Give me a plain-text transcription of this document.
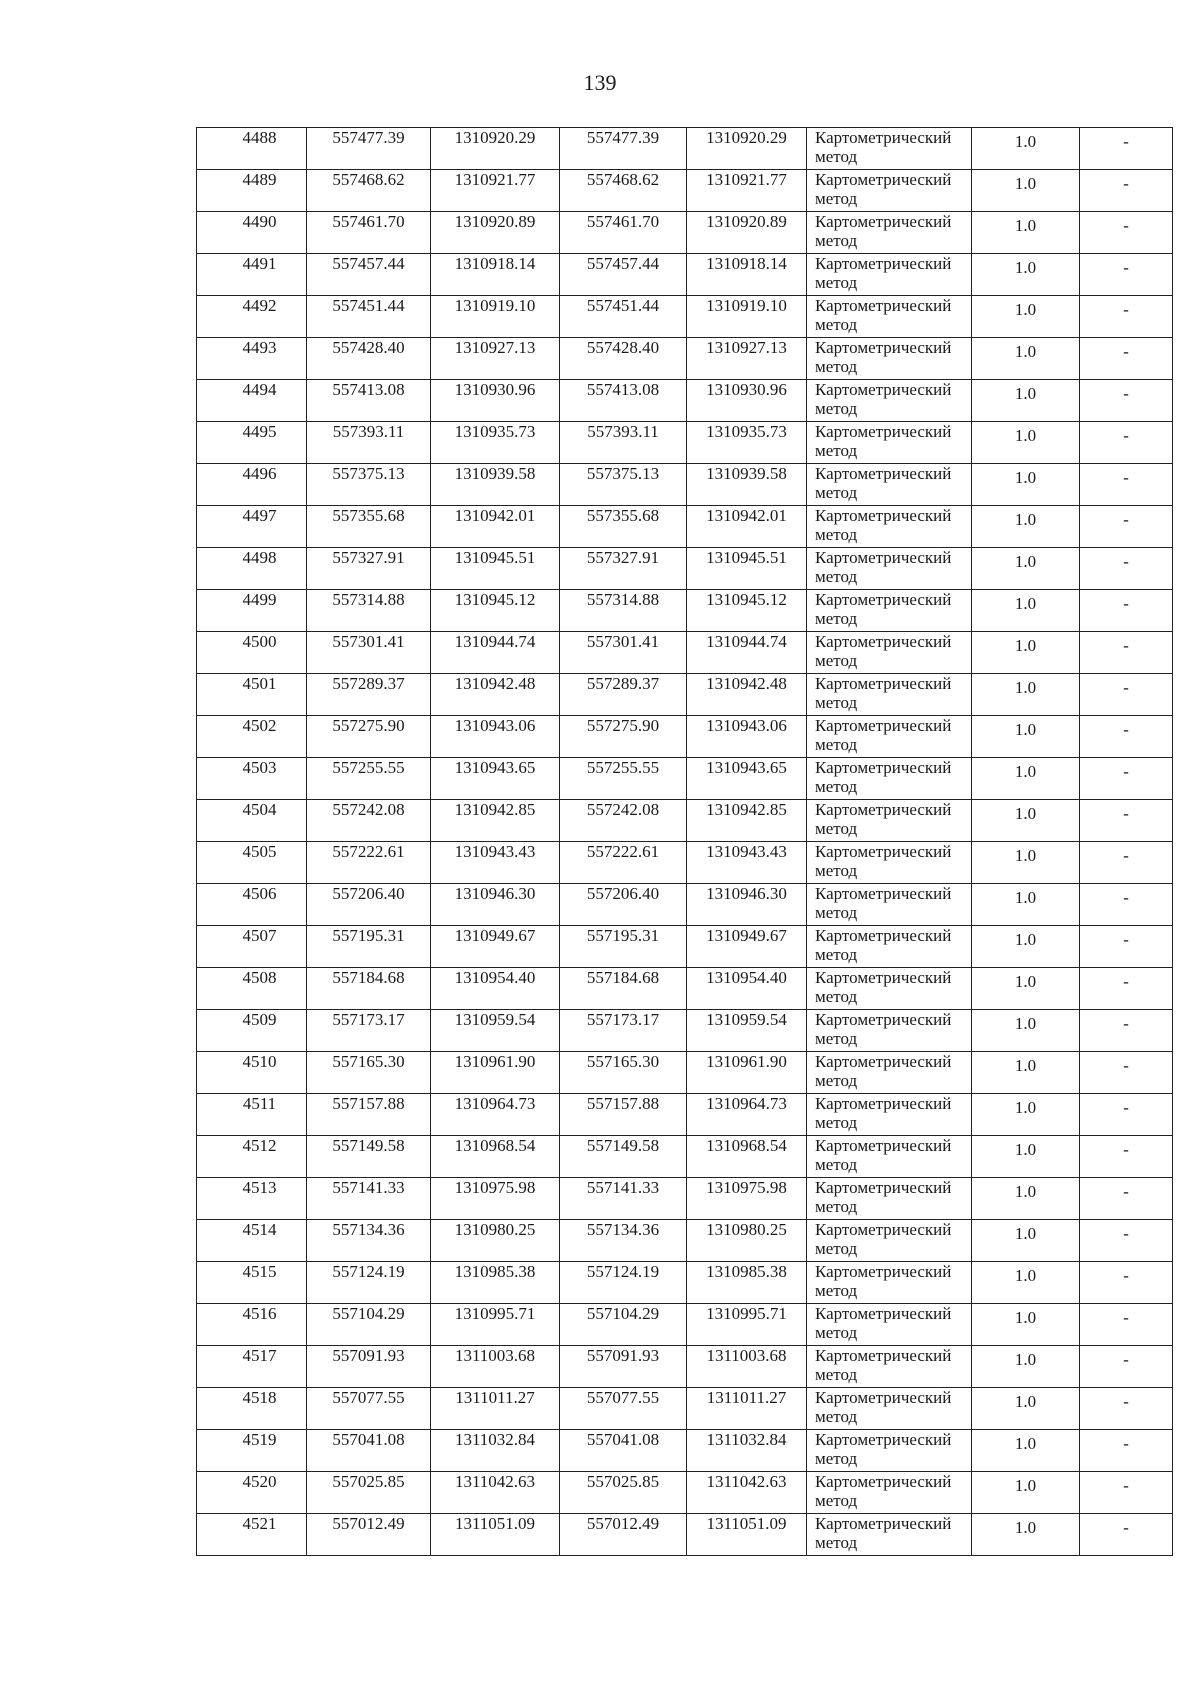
139
4488	557477.39	1310920.29	557477.39	1310920.29	Картометрический метод	1.0	-
4489	557468.62	1310921.77	557468.62	1310921.77	Картометрический метод	1.0	-
4490	557461.70	1310920.89	557461.70	1310920.89	Картометрический метод	1.0	-
4491	557457.44	1310918.14	557457.44	1310918.14	Картометрический метод	1.0	-
4492	557451.44	1310919.10	557451.44	1310919.10	Картометрический метод	1.0	-
4493	557428.40	1310927.13	557428.40	1310927.13	Картометрический метод	1.0	-
4494	557413.08	1310930.96	557413.08	1310930.96	Картометрический метод	1.0	-
4495	557393.11	1310935.73	557393.11	1310935.73	Картометрический метод	1.0	-
4496	557375.13	1310939.58	557375.13	1310939.58	Картометрический метод	1.0	-
4497	557355.68	1310942.01	557355.68	1310942.01	Картометрический метод	1.0	-
4498	557327.91	1310945.51	557327.91	1310945.51	Картометрический метод	1.0	-
4499	557314.88	1310945.12	557314.88	1310945.12	Картометрический метод	1.0	-
4500	557301.41	1310944.74	557301.41	1310944.74	Картометрический метод	1.0	-
4501	557289.37	1310942.48	557289.37	1310942.48	Картометрический метод	1.0	-
4502	557275.90	1310943.06	557275.90	1310943.06	Картометрический метод	1.0	-
4503	557255.55	1310943.65	557255.55	1310943.65	Картометрический метод	1.0	-
4504	557242.08	1310942.85	557242.08	1310942.85	Картометрический метод	1.0	-
4505	557222.61	1310943.43	557222.61	1310943.43	Картометрический метод	1.0	-
4506	557206.40	1310946.30	557206.40	1310946.30	Картометрический метод	1.0	-
4507	557195.31	1310949.67	557195.31	1310949.67	Картометрический метод	1.0	-
4508	557184.68	1310954.40	557184.68	1310954.40	Картометрический метод	1.0	-
4509	557173.17	1310959.54	557173.17	1310959.54	Картометрический метод	1.0	-
4510	557165.30	1310961.90	557165.30	1310961.90	Картометрический метод	1.0	-
4511	557157.88	1310964.73	557157.88	1310964.73	Картометрический метод	1.0	-
4512	557149.58	1310968.54	557149.58	1310968.54	Картометрический метод	1.0	-
4513	557141.33	1310975.98	557141.33	1310975.98	Картометрический метод	1.0	-
4514	557134.36	1310980.25	557134.36	1310980.25	Картометрический метод	1.0	-
4515	557124.19	1310985.38	557124.19	1310985.38	Картометрический метод	1.0	-
4516	557104.29	1310995.71	557104.29	1310995.71	Картометрический метод	1.0	-
4517	557091.93	1311003.68	557091.93	1311003.68	Картометрический метод	1.0	-
4518	557077.55	1311011.27	557077.55	1311011.27	Картометрический метод	1.0	-
4519	557041.08	1311032.84	557041.08	1311032.84	Картометрический метод	1.0	-
4520	557025.85	1311042.63	557025.85	1311042.63	Картометрический метод	1.0	-
4521	557012.49	1311051.09	557012.49	1311051.09	Картометрический метод	1.0	-
